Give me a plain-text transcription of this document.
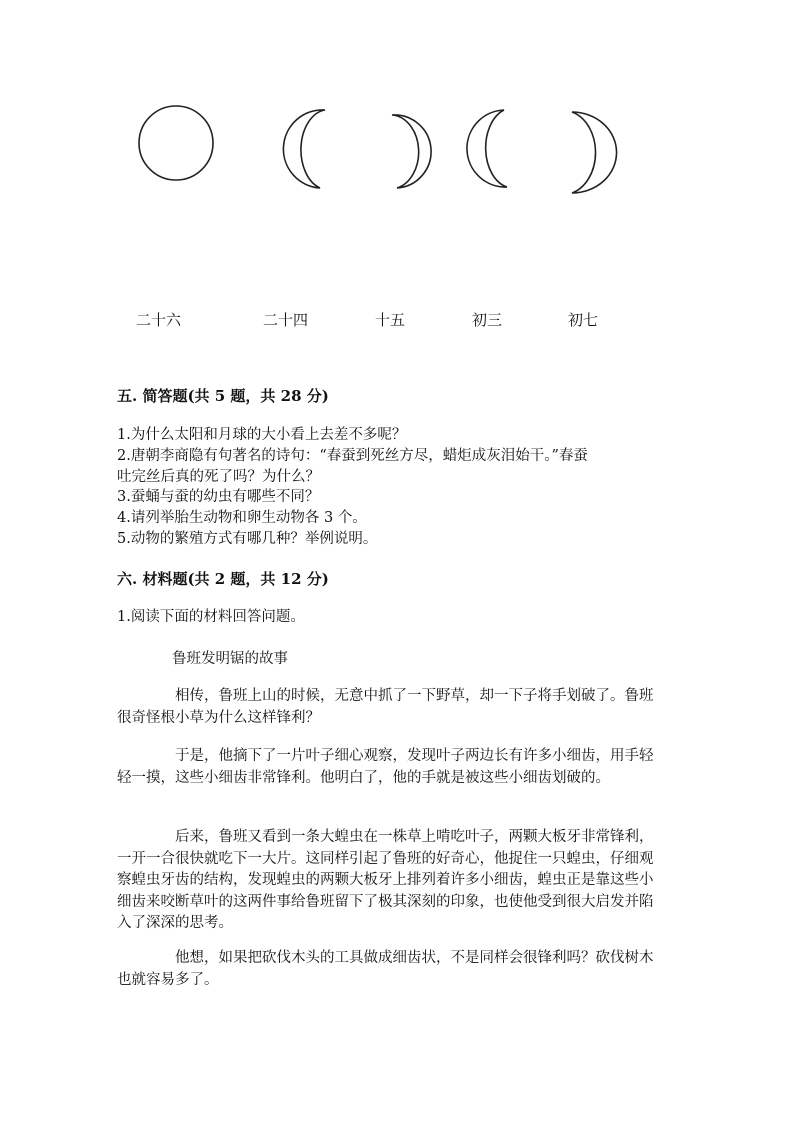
二十六	二十四	十五	初三	初七
五. 简答题(共 5 题，共 28 分)
1.为什么太阳和月球的大小看上去差不多呢？
2.唐朝李商隐有句著名的诗句：“春蚕到死丝方尽，蜡炬成灰泪始干。”春蚕
吐完丝后真的死了吗？为什么？
3.蚕蛹与蚕的幼虫有哪些不同？
4.请列举胎生动物和卵生动物各 3 个。
5.动物的繁殖方式有哪几种？举例说明。
六. 材料题(共 2 题，共 12 分)
1.阅读下面的材料回答问题。
鲁班发明锯的故事
相传，鲁班上山的时候，无意中抓了一下野草，却一下子将手划破了。鲁班很奇怪根小草为什么这样锋利？
于是，他摘下了一片叶子细心观察，发现叶子两边长有许多小细齿，用手轻轻一摸，这些小细齿非常锋利。他明白了，他的手就是被这些小细齿划破的。
后来，鲁班又看到一条大蝗虫在一株草上啃吃叶子，两颗大板牙非常锋利，一开一合很快就吃下一大片。这同样引起了鲁班的好奇心，他捉住一只蝗虫，仔细观察蝗虫牙齿的结构，发现蝗虫的两颗大板牙上排列着许多小细齿，蝗虫正是靠这些小细齿来咬断草叶的这两件事给鲁班留下了极其深刻的印象，也使他受到很大启发并陷入了深深的思考。
他想，如果把砍伐木头的工具做成细齿状，不是同样会很锋利吗？砍伐树木也就容易多了。
